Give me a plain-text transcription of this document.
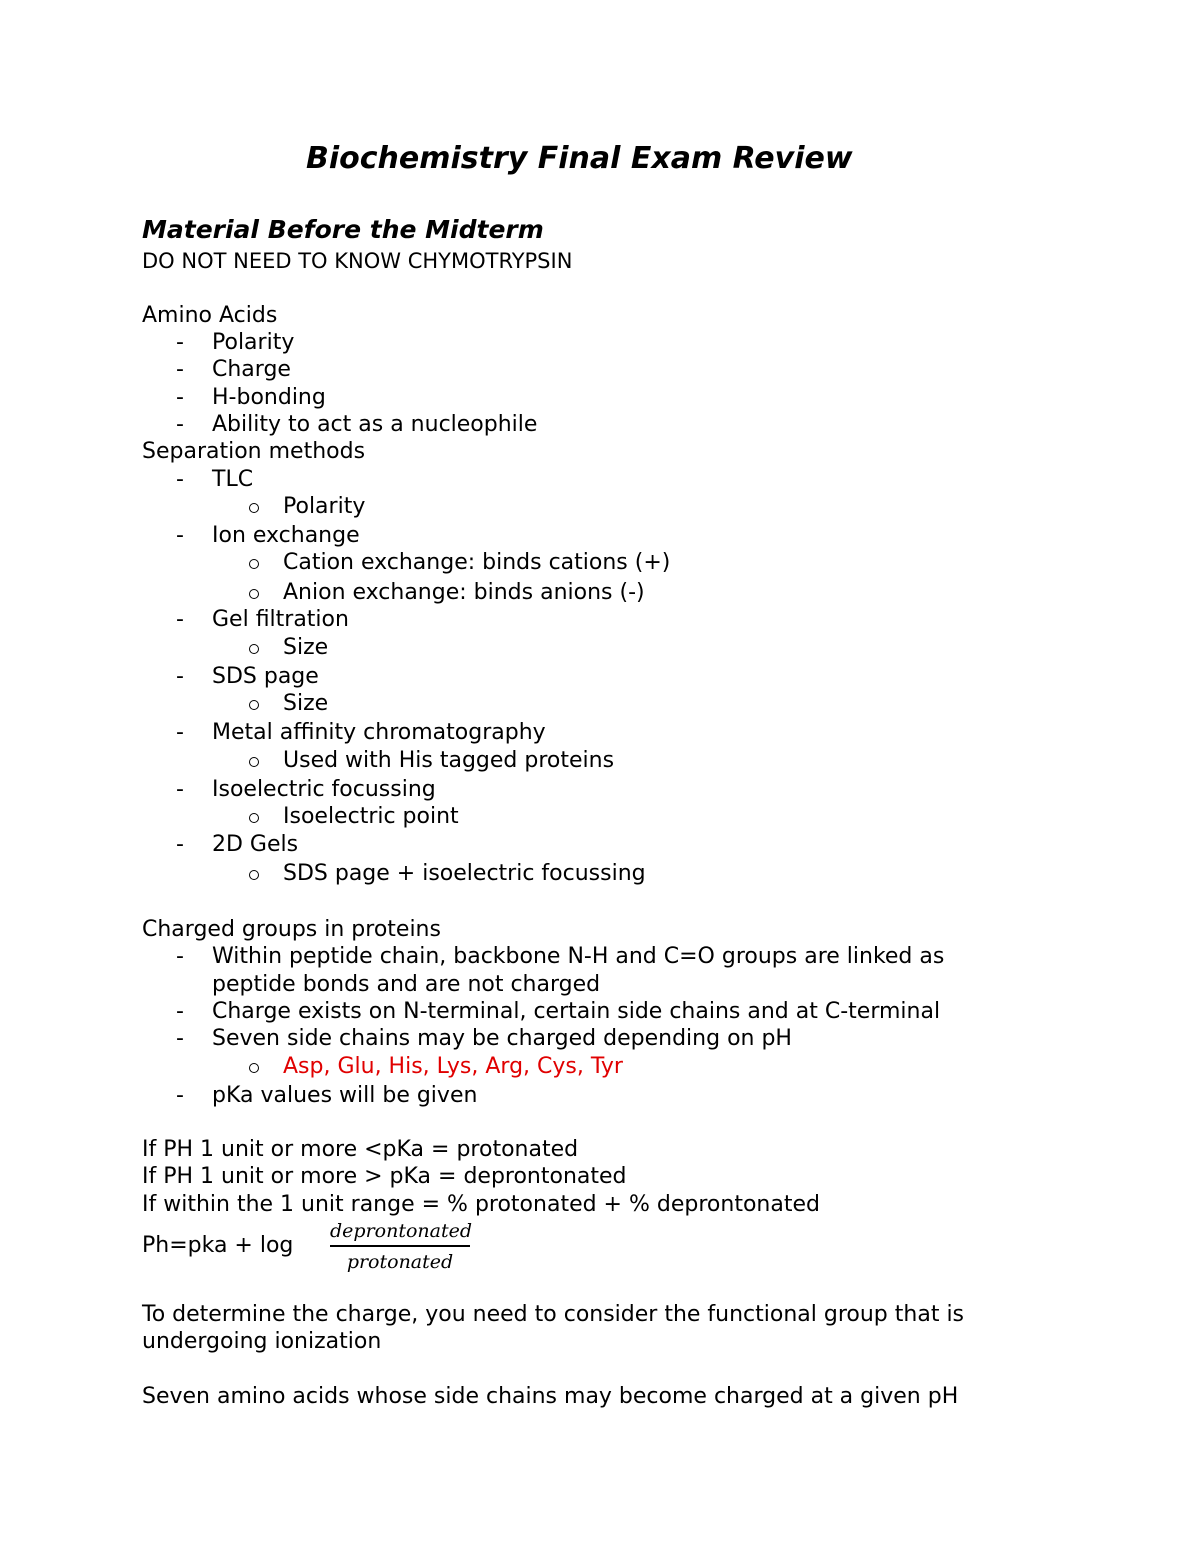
Biochemistry Final Exam Review
Material Before the Midterm
DO NOT NEED TO KNOW CHYMOTRYPSIN
Amino Acids
- Polarity
- Charge
- H-bonding
- Ability to act as a nucleophile
Separation methods
- TLC
Polarity
- Ion exchange
Cation exchange: binds cations (+)
Anion exchange: binds anions (-)
- Gel filtration
Size
- SDS page
Size
- Metal affinity chromatography
Used with His tagged proteins
- Isoelectric focussing
Isoelectric point
- 2D Gels
SDS page + isoelectric focussing
Charged groups in proteins
- Within peptide chain, backbone N-H and C=O groups are linked as
peptide bonds and are not charged
- Charge exists on N-terminal, certain side chains and at C-terminal
- Seven side chains may be charged depending on pH
Asp, Glu, His, Lys, Arg, Cys, Tyr
- pKa values will be given
If PH 1 unit or more <pKa = protonated
If PH 1 unit or more > pKa = deprontonated
If within the 1 unit range = % protonated + % deprontonated
Ph=pka + log
deprontonated
protonated
To determine the charge, you need to consider the functional group that is
undergoing ionization
Seven amino acids whose side chains may become charged at a given pH
